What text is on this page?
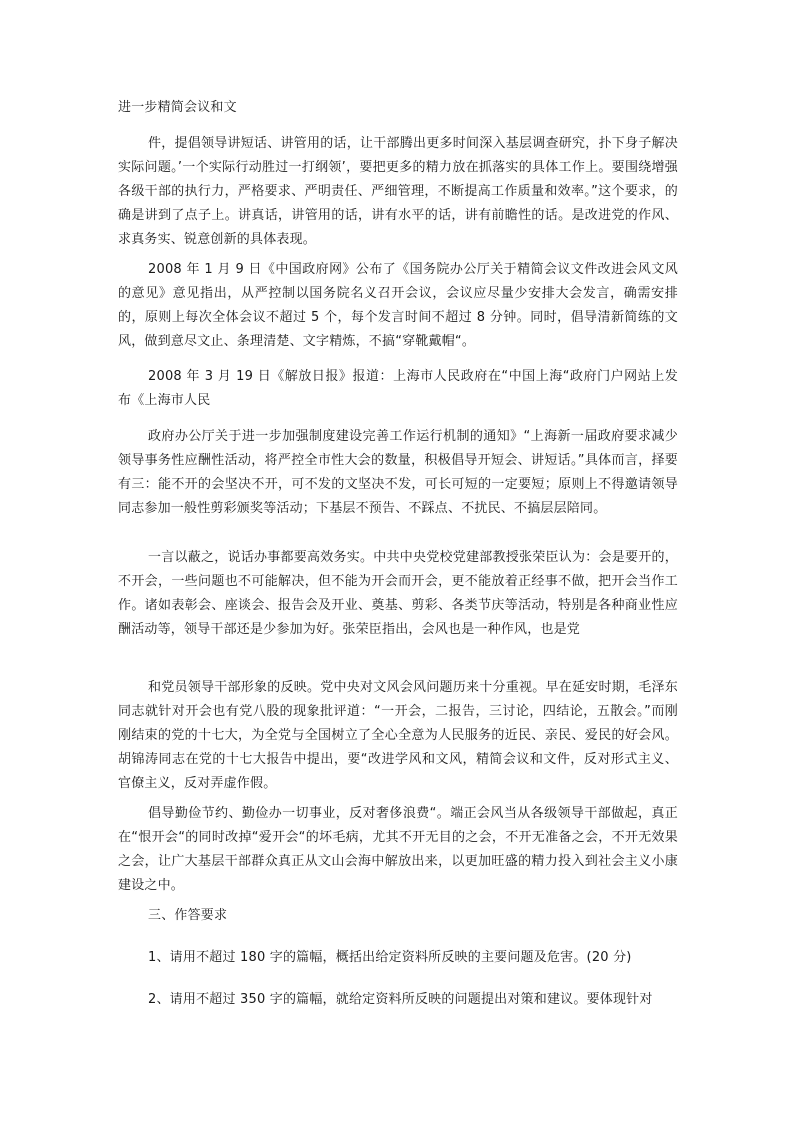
进一步精简会议和文
件，提倡领导讲短话、讲管用的话，让干部腾出更多时间深入基层调查研究，扑下身子解决实际问题。’一个实际行动胜过一打纲领’，要把更多的精力放在抓落实的具体工作上。要围绕增强各级干部的执行力，严格要求、严明责任、严细管理，不断提高工作质量和效率。”这个要求，的确是讲到了点子上。讲真话，讲管用的话，讲有水平的话，讲有前瞻性的话。是改进党的作风、求真务实、锐意创新的具体表现。
2008 年 1 月 9 日《中国政府网》公布了《国务院办公厅关于精简会议文件改进会风文风的意见》意见指出，从严控制以国务院名义召开会议，会议应尽量少安排大会发言，确需安排的，原则上每次全体会议不超过 5 个，每个发言时间不超过 8 分钟。同时，倡导清新简练的文风，做到意尽文止、条理清楚、文字精炼，不搞“穿靴戴帽“。
2008 年 3 月 19 日《解放日报》报道：上海市人民政府在“中国上海“政府门户网站上发布《上海市人民
政府办公厅关于进一步加强制度建设完善工作运行机制的通知》“上海新一届政府要求减少领导事务性应酬性活动，将严控全市性大会的数量，积极倡导开短会、讲短话。”具体而言，择要有三：能不开的会坚决不开，可不发的文坚决不发，可长可短的一定要短；原则上不得邀请领导同志参加一般性剪彩颁奖等活动；下基层不预告、不踩点、不扰民、不搞层层陪同。
一言以蔽之，说话办事都要高效务实。中共中央党校党建部教授张荣臣认为：会是要开的，不开会，一些问题也不可能解决，但不能为开会而开会，更不能放着正经事不做，把开会当作工作。诸如表彰会、座谈会、报告会及开业、奠基、剪彩、各类节庆等活动，特别是各种商业性应酬活动等，领导干部还是少参加为好。张荣臣指出，会风也是一种作风，也是党
和党员领导干部形象的反映。党中央对文风会风问题历来十分重视。早在延安时期，毛泽东同志就针对开会也有党八股的现象批评道：“一开会，二报告，三讨论，四结论，五散会。”而刚刚结束的党的十七大，为全党与全国树立了全心全意为人民服务的近民、亲民、爱民的好会风。胡锦涛同志在党的十七大报告中提出，要“改进学风和文风，精简会议和文件，反对形式主义、官僚主义，反对弄虚作假。
倡导勤俭节约、勤俭办一切事业，反对奢侈浪费“。端正会风当从各级领导干部做起，真正在“恨开会“的同时改掉“爱开会“的坏毛病，尤其不开无目的之会，不开无准备之会，不开无效果之会，让广大基层干部群众真正从文山会海中解放出来，以更加旺盛的精力投入到社会主义小康建设之中。
三、作答要求
1、请用不超过 180 字的篇幅，概括出给定资料所反映的主要问题及危害。(20 分)
2、请用不超过 350 字的篇幅，就给定资料所反映的问题提出对策和建议。要体现针对
